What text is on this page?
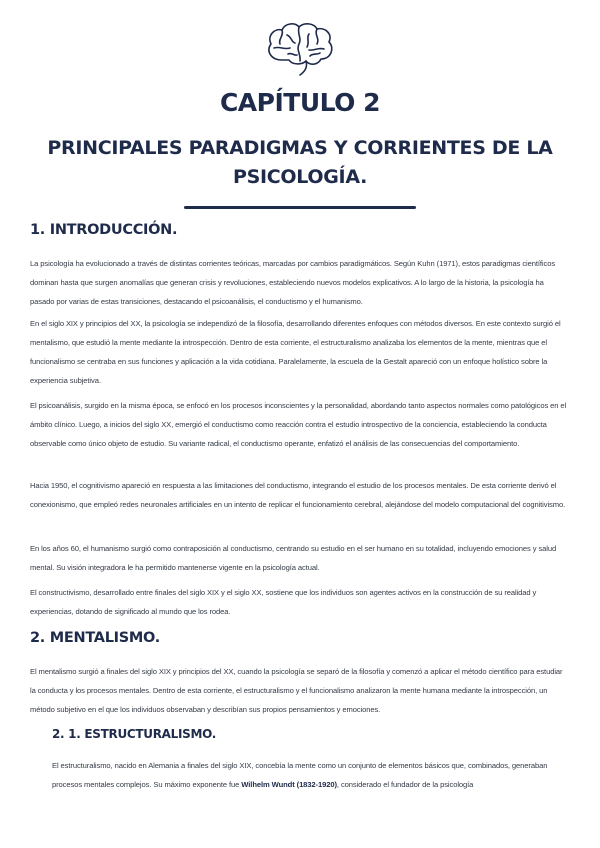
CAPÍTULO 2
PRINCIPALES PARADIGMAS Y CORRIENTES DE LA
PSICOLOGÍA.
1. INTRODUCCIÓN.

La psicología ha evolucionado a través de distintas corrientes teóricas, marcadas por cambios paradigmáticos. Según Kuhn (1971), estos paradigmas científicos dominan hasta que surgen anomalías que generan crisis y revoluciones, estableciendo nuevos modelos explicativos. A lo largo de la historia, la psicología ha pasado por varias de estas transiciones, destacando el psicoanálisis, el conductismo y el humanismo.

En el siglo XIX y principios del XX, la psicología se independizó de la filosofía, desarrollando diferentes enfoques con métodos diversos. En este contexto surgió el mentalismo, que estudió la mente mediante la introspección. Dentro de esta corriente, el estructuralismo analizaba los elementos de la mente, mientras que el funcionalismo se centraba en sus funciones y aplicación a la vida cotidiana. Paralelamente, la escuela de la Gestalt apareció con un enfoque holístico sobre la experiencia subjetiva.

El psicoanálisis, surgido en la misma época, se enfocó en los procesos inconscientes y la personalidad, abordando tanto aspectos normales como patológicos en el ámbito clínico. Luego, a inicios del siglo XX, emergió el conductismo como reacción contra el estudio introspectivo de la conciencia, estableciendo la conducta observable como único objeto de estudio. Su variante radical, el conductismo operante, enfatizó el análisis de las consecuencias del comportamiento.

Hacia 1950, el cognitivismo apareció en respuesta a las limitaciones del conductismo, integrando el estudio de los procesos mentales. De esta corriente derivó el conexionismo, que empleó redes neuronales artificiales en un intento de replicar el funcionamiento cerebral, alejándose del modelo computacional del cognitivismo.

En los años 60, el humanismo surgió como contraposición al conductismo, centrando su estudio en el ser humano en su totalidad, incluyendo emociones y salud mental. Su visión integradora le ha permitido mantenerse vigente en la psicología actual.

El constructivismo, desarrollado entre finales del siglo XIX y el siglo XX, sostiene que los individuos son agentes activos en la construcción de su realidad y experiencias, dotando de significado al mundo que los rodea.

2. MENTALISMO.

El mentalismo surgió a finales del siglo XIX y principios del XX, cuando la psicología se separó de la filosofía y comenzó a aplicar el método científico para estudiar la conducta y los procesos mentales. Dentro de esta corriente, el estructuralismo y el funcionalismo analizaron la mente humana mediante la introspección, un método subjetivo en el que los individuos observaban y describían sus propios pensamientos y emociones.

2. 1. ESTRUCTURALISMO.

El estructuralismo, nacido en Alemania a finales del siglo XIX, concebía la mente como un conjunto de elementos básicos que, combinados, generaban procesos mentales complejos. Su máximo exponente fue Wilhelm Wundt (1832-1920), considerado el fundador de la psicología
